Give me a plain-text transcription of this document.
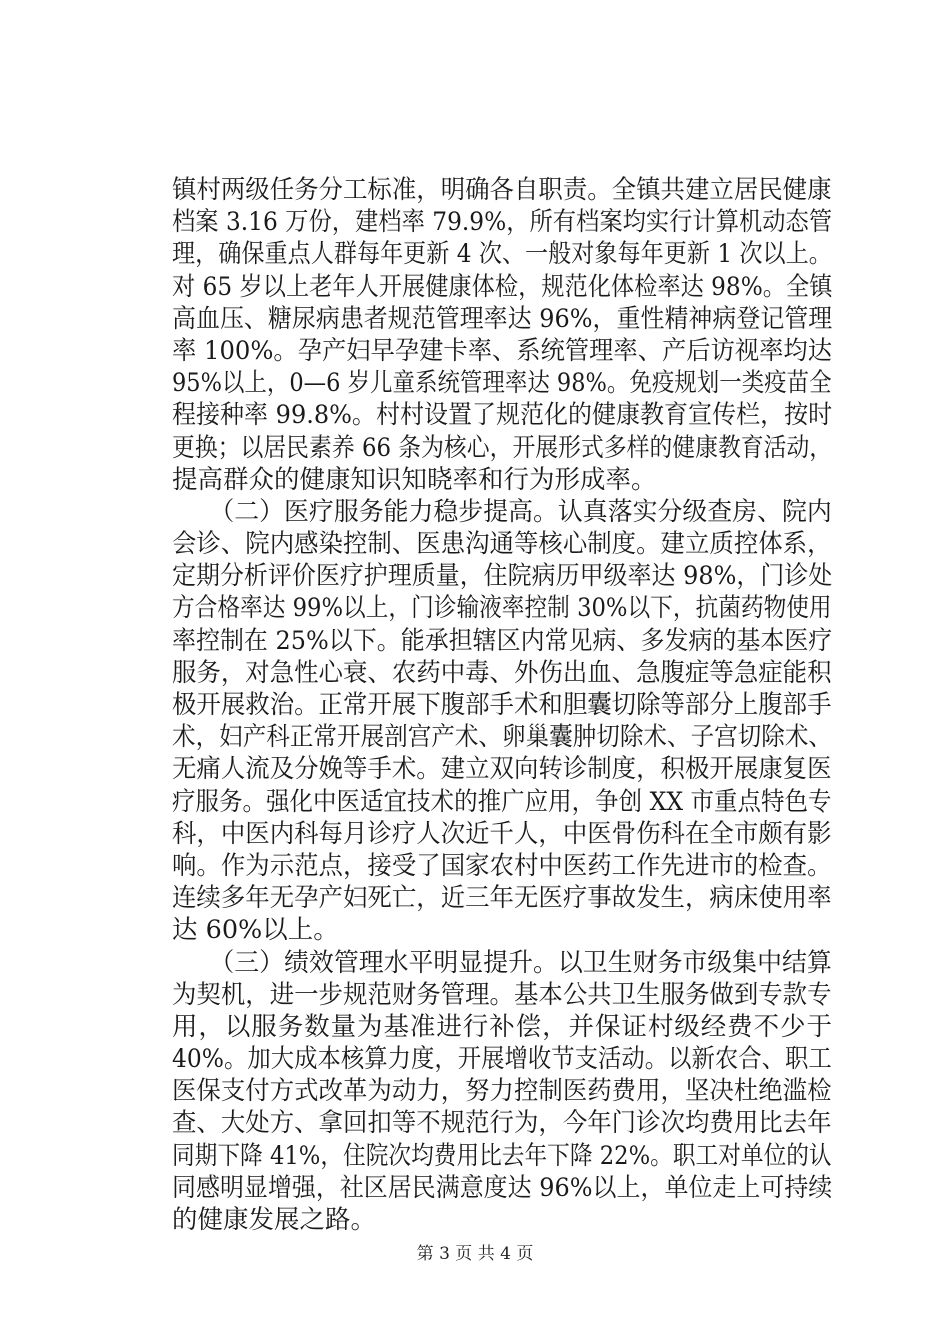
镇村两级任务分工标准，明确各自职责。全镇共建立居民健康
档案 3.16 万份，建档率 79.9%，所有档案均实行计算机动态管
理，确保重点人群每年更新 4 次、一般对象每年更新 1 次以上。
对 65 岁以上老年人开展健康体检，规范化体检率达 98%。全镇
高血压、糖尿病患者规范管理率达 96%，重性精神病登记管理
率 100%。孕产妇早孕建卡率、系统管理率、产后访视率均达
95%以上，0—6 岁儿童系统管理率达 98%。免疫规划一类疫苗全
程接种率 99.8%。村村设置了规范化的健康教育宣传栏，按时
更换；以居民素养 66 条为核心，开展形式多样的健康教育活动，
提高群众的健康知识知晓率和行为形成率。
　　（二）医疗服务能力稳步提高。认真落实分级查房、院内
会诊、院内感染控制、医患沟通等核心制度。建立质控体系，
定期分析评价医疗护理质量，住院病历甲级率达 98%，门诊处
方合格率达 99%以上，门诊输液率控制 30%以下，抗菌药物使用
率控制在 25%以下。能承担辖区内常见病、多发病的基本医疗
服务，对急性心衰、农药中毒、外伤出血、急腹症等急症能积
极开展救治。正常开展下腹部手术和胆囊切除等部分上腹部手
术，妇产科正常开展剖宫产术、卵巢囊肿切除术、子宫切除术、
无痛人流及分娩等手术。建立双向转诊制度，积极开展康复医
疗服务。强化中医适宜技术的推广应用，争创 XX 市重点特色专
科，中医内科每月诊疗人次近千人，中医骨伤科在全市颇有影
响。作为示范点，接受了国家农村中医药工作先进市的检查。
连续多年无孕产妇死亡，近三年无医疗事故发生，病床使用率
达 60%以上。
　　（三）绩效管理水平明显提升。以卫生财务市级集中结算
为契机，进一步规范财务管理。基本公共卫生服务做到专款专
用，以服务数量为基准进行补偿，并保证村级经费不少于
40%。加大成本核算力度，开展增收节支活动。以新农合、职工
医保支付方式改革为动力，努力控制医药费用，坚决杜绝滥检
查、大处方、拿回扣等不规范行为，今年门诊次均费用比去年
同期下降 41%，住院次均费用比去年下降 22%。职工对单位的认
同感明显增强，社区居民满意度达 96%以上，单位走上可持续
的健康发展之路。
第 3 页 共 4 页
